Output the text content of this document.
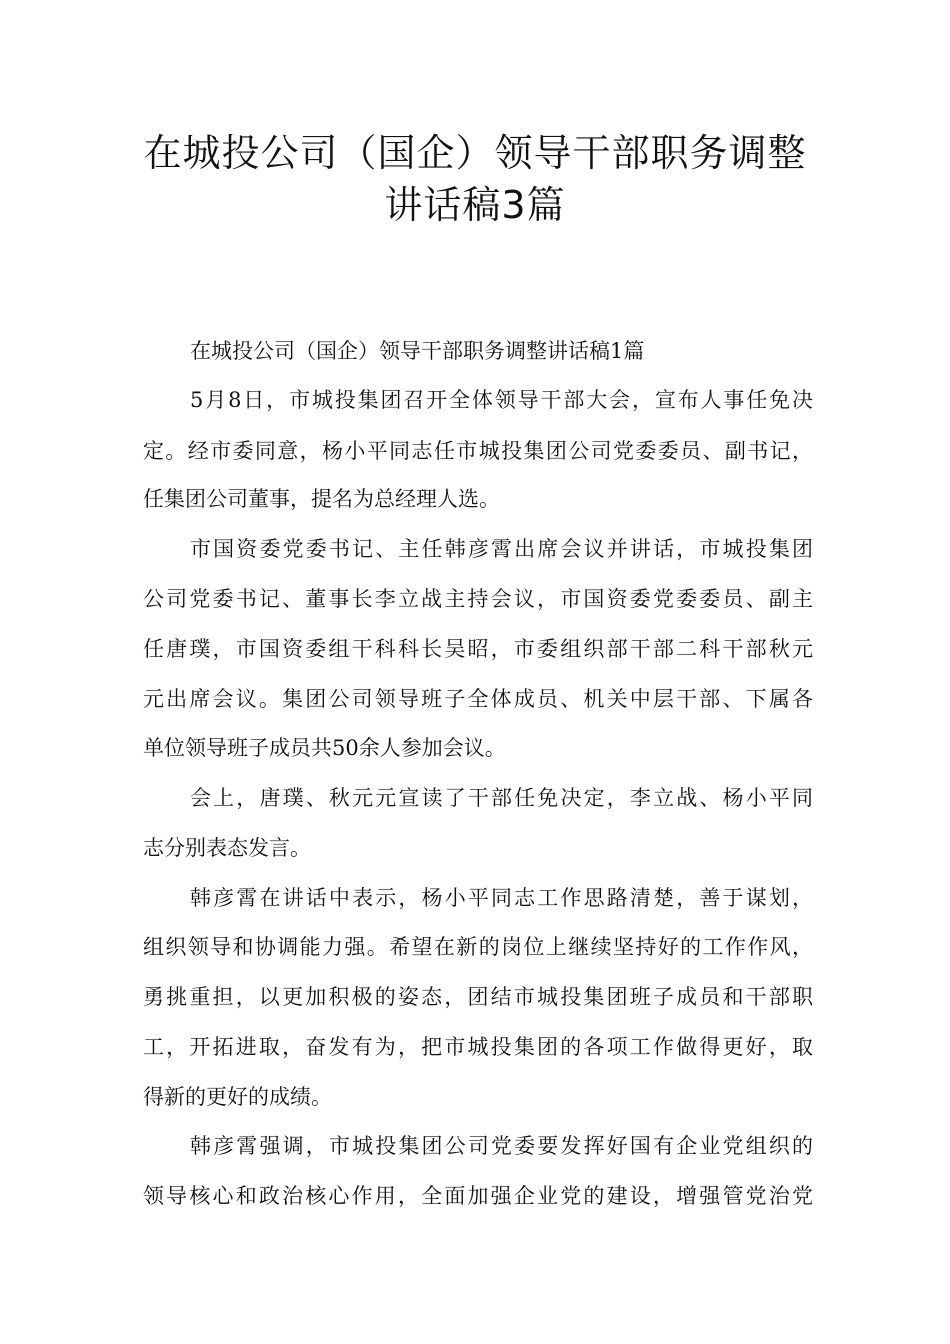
在城投公司（国企）领导干部职务调整
讲话稿3篇
在城投公司（国企）领导干部职务调整讲话稿1篇
5月8日，市城投集团召开全体领导干部大会，宣布人事任免决
定。经市委同意，杨小平同志任市城投集团公司党委委员、副书记，
任集团公司董事，提名为总经理人选。
市国资委党委书记、主任韩彦霄出席会议并讲话，市城投集团
公司党委书记、董事长李立战主持会议，市国资委党委委员、副主
任唐璞，市国资委组干科科长吴昭，市委组织部干部二科干部秋元
元出席会议。集团公司领导班子全体成员、机关中层干部、下属各
单位领导班子成员共50余人参加会议。
会上，唐璞、秋元元宣读了干部任免决定，李立战、杨小平同
志分别表态发言。
韩彦霄在讲话中表示，杨小平同志工作思路清楚，善于谋划，
组织领导和协调能力强。希望在新的岗位上继续坚持好的工作作风，
勇挑重担，以更加积极的姿态，团结市城投集团班子成员和干部职
工，开拓进取，奋发有为，把市城投集团的各项工作做得更好，取
得新的更好的成绩。
韩彦霄强调，市城投集团公司党委要发挥好国有企业党组织的
领导核心和政治核心作用，全面加强企业党的建设，增强管党治党
